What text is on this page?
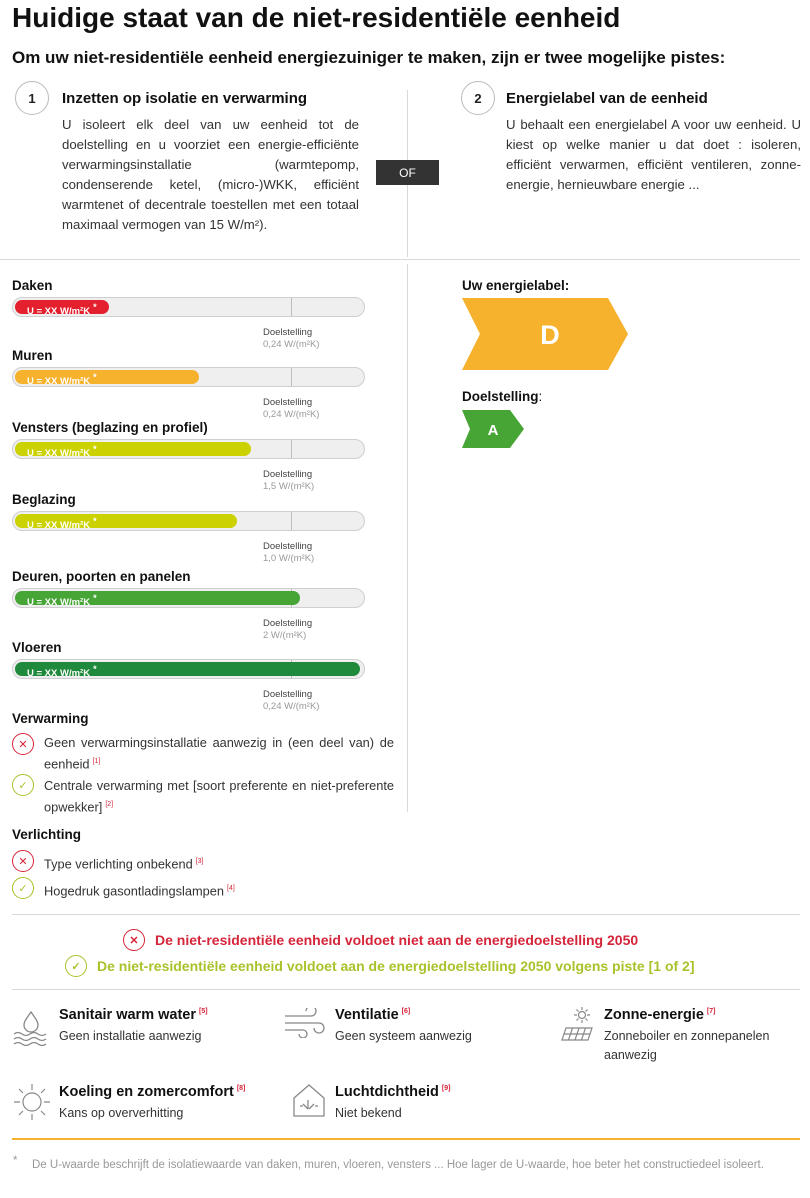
Huidige staat van de niet-residentiële eenheid
Om uw niet-residentiële eenheid energiezuiniger te maken, zijn er twee mogelijke pistes:
1	Inzetten op isolatie en verwarming
U isoleert elk deel van uw eenheid tot de doelstelling en u voorziet een energie-efficiënte verwarmingsinstallatie (warmtepomp, condenserende ketel, (micro-)WKK, efficiënt warmtenet of decentrale toestellen met een totaal maximaal vermogen van 15 W/m²).
OF
2	Energielabel van de eenheid
U behaalt een energielabel A voor uw eenheid. U kiest op welke manier u dat doet : isoleren, efficiënt verwarmen, efficiënt ventileren, zonne-energie, hernieuwbare energie ...
Daken
U = XX W/m²K *
Doelstelling
0,24 W/(m²K)
Muren
U = XX W/m²K *
Doelstelling
0,24 W/(m²K)
Vensters (beglazing en profiel)
U = XX W/m²K *
Doelstelling
1,5 W/(m²K)
Beglazing
U = XX W/m²K *
Doelstelling
1,0 W/(m²K)
Deuren, poorten en panelen
U = XX W/m²K *
Doelstelling
2 W/(m²K)
Vloeren
U = XX W/m²K *
Doelstelling
0,24 W/(m²K)
Verwarming
✕	Geen verwarmingsinstallatie aanwezig in (een deel van) de eenheid [1]
✓	Centrale verwarming met [soort preferente en niet-preferente opwekker] [2]
Verlichting
✕	Type verlichting onbekend [3]
✓	Hogedruk gasontladingslampen [4]
Uw energielabel:
D
Doelstelling:
A
✕	De niet-residentiële eenheid voldoet niet aan de energiedoelstelling 2050
✓	De niet-residentiële eenheid voldoet aan de energiedoelstelling 2050 volgens piste [1 of 2]
Sanitair warm water [5]
Geen installatie aanwezig
Ventilatie [6]
Geen systeem aanwezig
Zonne-energie [7]
Zonneboiler en zonnepanelen aanwezig
Koeling en zomercomfort [8]
Kans op oververhitting
Luchtdichtheid [9]
Niet bekend
* De U-waarde beschrijft de isolatiewaarde van daken, muren, vloeren, vensters ... Hoe lager de U-waarde, hoe beter het constructiedeel isoleert.
